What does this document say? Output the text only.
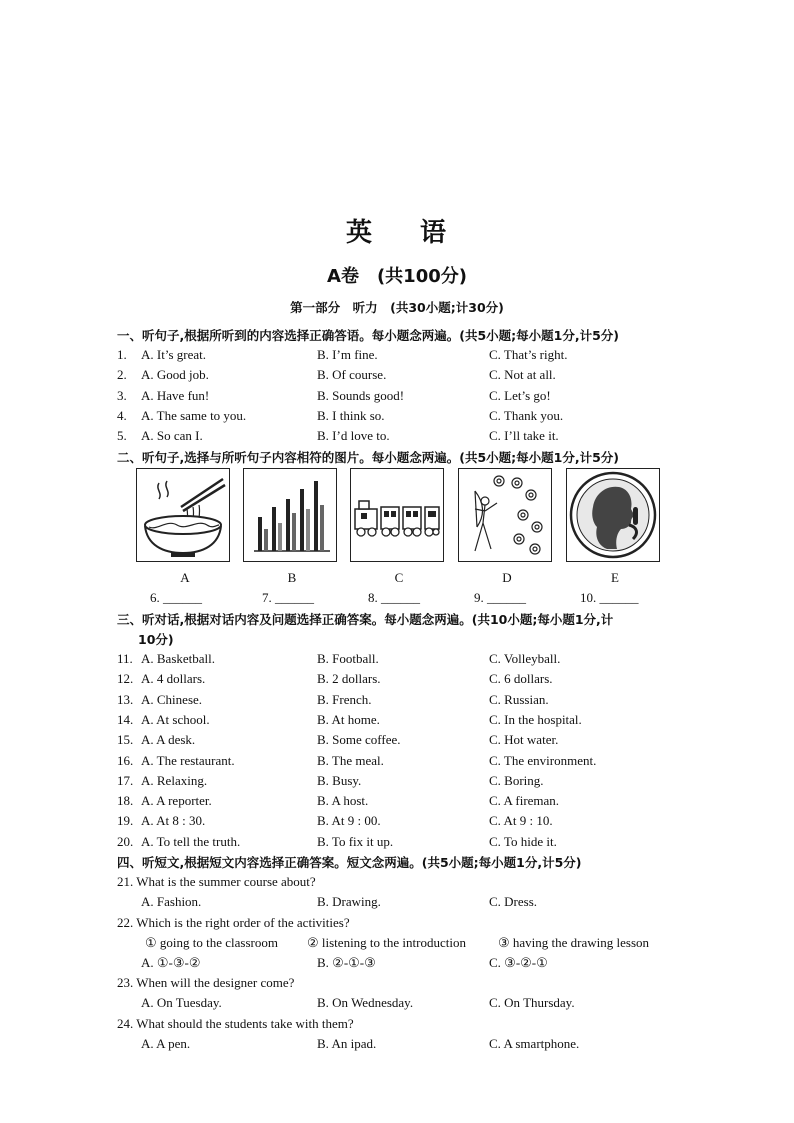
英 语
A卷　(共100分)
第一部分　听力　(共30小题;计30分)
一、听句子,根据所听到的内容选择正确答语。每小题念两遍。(共5小题;每小题1分,计5分)
1. A. It’s great.	B. I’m fine.	C. That’s right.
2. A. Good job.	B. Of course.	C. Not at all.
3. A. Have fun!	B. Sounds good!	C. Let’s go!
4. A. The same to you.	B. I think so.	C. Thank you.
5. A. So can I.	B. I’d love to.	C. I’ll take it.
二、听句子,选择与所听句子内容相符的图片。每小题念两遍。(共5小题;每小题1分,计5分)
A	B	C	D	E
6. ______	7. ______	8. ______	9. ______	10. ______
三、听对话,根据对话内容及问题选择正确答案。每小题念两遍。(共10小题;每小题1分,计
10分)
11. A. Basketball.	B. Football.	C. Volleyball.
12. A. 4 dollars.	B. 2 dollars.	C. 6 dollars.
13. A. Chinese.	B. French.	C. Russian.
14. A. At school.	B. At home.	C. In the hospital.
15. A. A desk.	B. Some coffee.	C. Hot water.
16. A. The restaurant.	B. The meal.	C. The environment.
17. A. Relaxing.	B. Busy.	C. Boring.
18. A. A reporter.	B. A host.	C. A fireman.
19. A. At 8 : 30.	B. At 9 : 00.	C. At 9 : 10.
20. A. To tell the truth.	B. To fix it up.	C. To hide it.
四、听短文,根据短文内容选择正确答案。短文念两遍。(共5小题;每小题1分,计5分)
21. What is the summer course about?
A. Fashion.	B. Drawing.	C. Dress.
22. Which is the right order of the activities?
① going to the classroom ② listening to the introduction ③ having the drawing lesson
A. ①-③-②	B. ②-①-③	C. ③-②-①
23. When will the designer come?
A. On Tuesday.	B. On Wednesday.	C. On Thursday.
24. What should the students take with them?
A. A pen.	B. An ipad.	C. A smartphone.
